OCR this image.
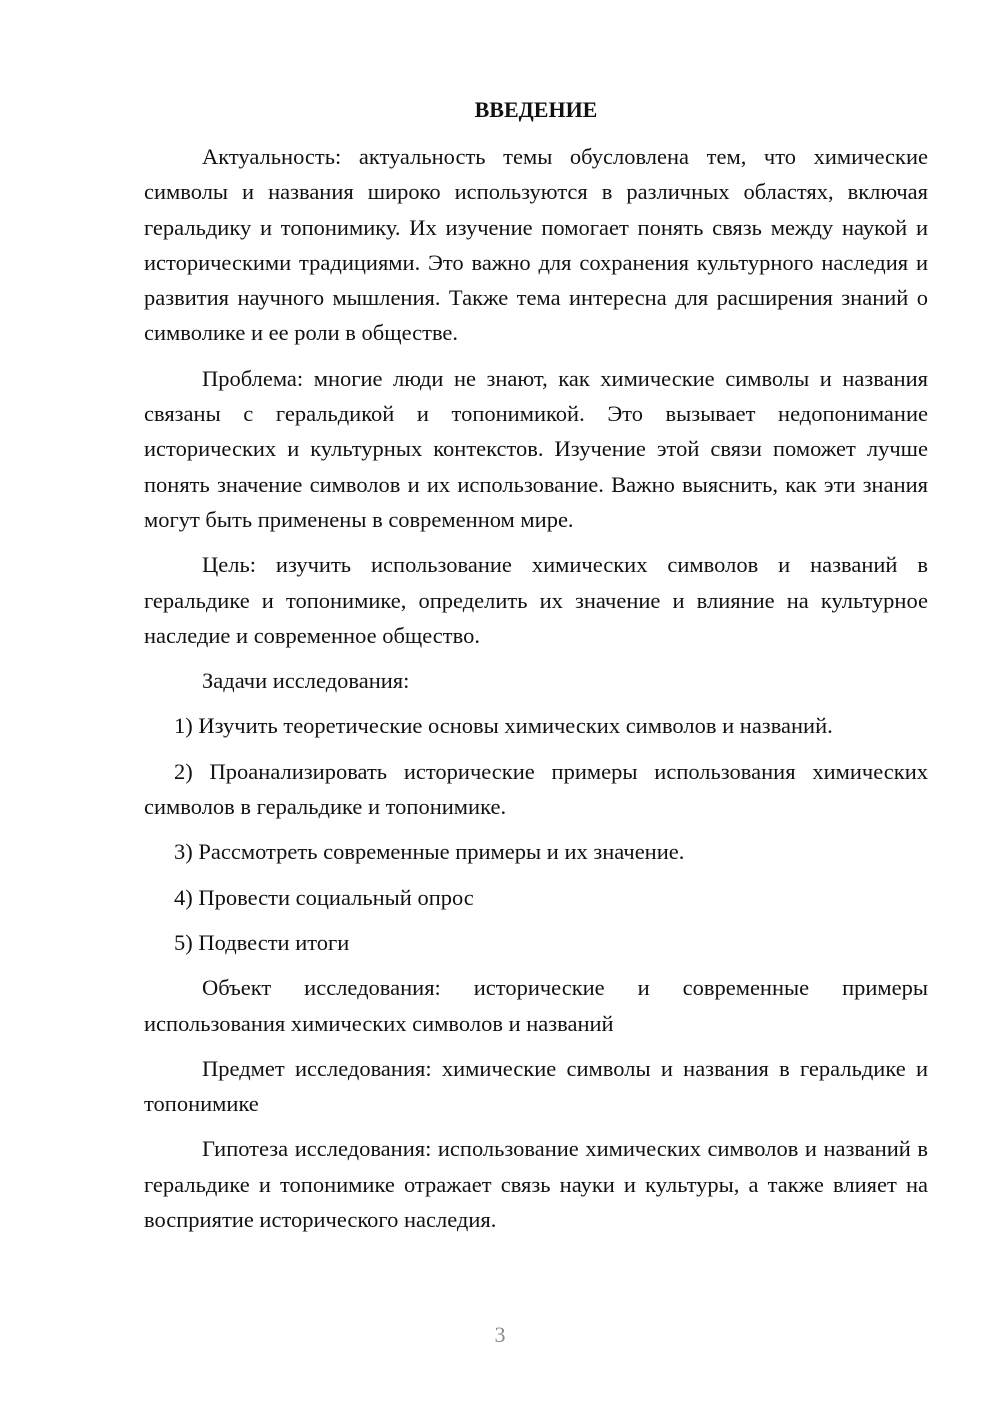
ВВЕДЕНИЕ

Актуальность: актуальность темы обусловлена тем, что химические символы и названия широко используются в различных областях, включая геральдику и топонимику. Их изучение помогает понять связь между наукой и историческими традициями. Это важно для сохранения культурного наследия и развития научного мышления. Также тема интересна для расширения знаний о символике и ее роли в обществе.

Проблема: многие люди не знают, как химические символы и названия связаны с геральдикой и топонимикой. Это вызывает недопонимание исторических и культурных контекстов. Изучение этой связи поможет лучше понять значение символов и их использование. Важно выяснить, как эти знания могут быть применены в современном мире.

Цель: изучить использование химических символов и названий в геральдике и топонимике, определить их значение и влияние на культурное наследие и современное общество.

Задачи исследования:

1) Изучить теоретические основы химических символов и названий.

2) Проанализировать исторические примеры использования химических символов в геральдике и топонимике.

3) Рассмотреть современные примеры и их значение.

4) Провести социальный опрос

5) Подвести итоги

Объект исследования: исторические и современные примеры использования химических символов и названий

Предмет исследования: химические символы и названия в геральдике и топонимике

Гипотеза исследования: использование химических символов и названий в геральдике и топонимике отражает связь науки и культуры, а также влияет на восприятие исторического наследия.

3
